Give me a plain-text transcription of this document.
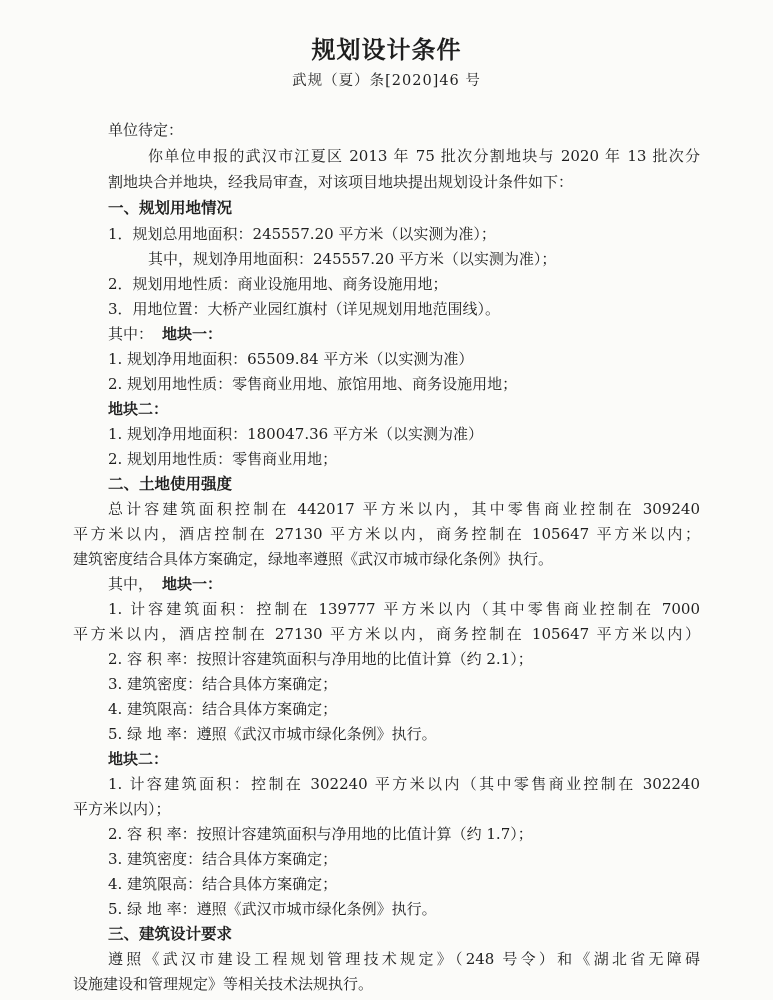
规划设计条件
武规（夏）条[2020]46 号
单位待定：
你单位申报的武汉市江夏区 2013 年 75 批次分割地块与 2020 年 13 批次分
割地块合并地块，经我局审查，对该项目地块提出规划设计条件如下：
一、规划用地情况
1．规划总用地面积：245557.20 平方米（以实测为准）；
其中，规划净用地面积：245557.20 平方米（以实测为准）；
2．规划用地性质：商业设施用地、商务设施用地；
3．用地位置：大桥产业园红旗村（详见规划用地范围线）。
其中： 地块一：
1. 规划净用地面积：65509.84 平方米（以实测为准）
2. 规划用地性质：零售商业用地、旅馆用地、商务设施用地；
地块二：
1. 规划净用地面积：180047.36 平方米（以实测为准）
2. 规划用地性质：零售商业用地；
二、土地使用强度
总计容建筑面积控制在 442017 平方米以内，其中零售商业控制在 309240
平方米以内，酒店控制在 27130 平方米以内，商务控制在 105647 平方米以内；
建筑密度结合具体方案确定，绿地率遵照《武汉市城市绿化条例》执行。
其中， 地块一：
1. 计容建筑面积：控制在 139777 平方米以内（其中零售商业控制在 7000
平方米以内，酒店控制在 27130 平方米以内，商务控制在 105647 平方米以内）
2. 容 积 率：按照计容建筑面积与净用地的比值计算（约 2.1）；
3. 建筑密度：结合具体方案确定；
4. 建筑限高：结合具体方案确定；
5. 绿 地 率：遵照《武汉市城市绿化条例》执行。
地块二：
1. 计容建筑面积：控制在 302240 平方米以内（其中零售商业控制在 302240
平方米以内）；
2. 容 积 率：按照计容建筑面积与净用地的比值计算（约 1.7）；
3. 建筑密度：结合具体方案确定；
4. 建筑限高：结合具体方案确定；
5. 绿 地 率：遵照《武汉市城市绿化条例》执行。
三、建筑设计要求
遵照《武汉市建设工程规划管理技术规定》（248 号令）和《湖北省无障碍
设施建设和管理规定》等相关技术法规执行。
